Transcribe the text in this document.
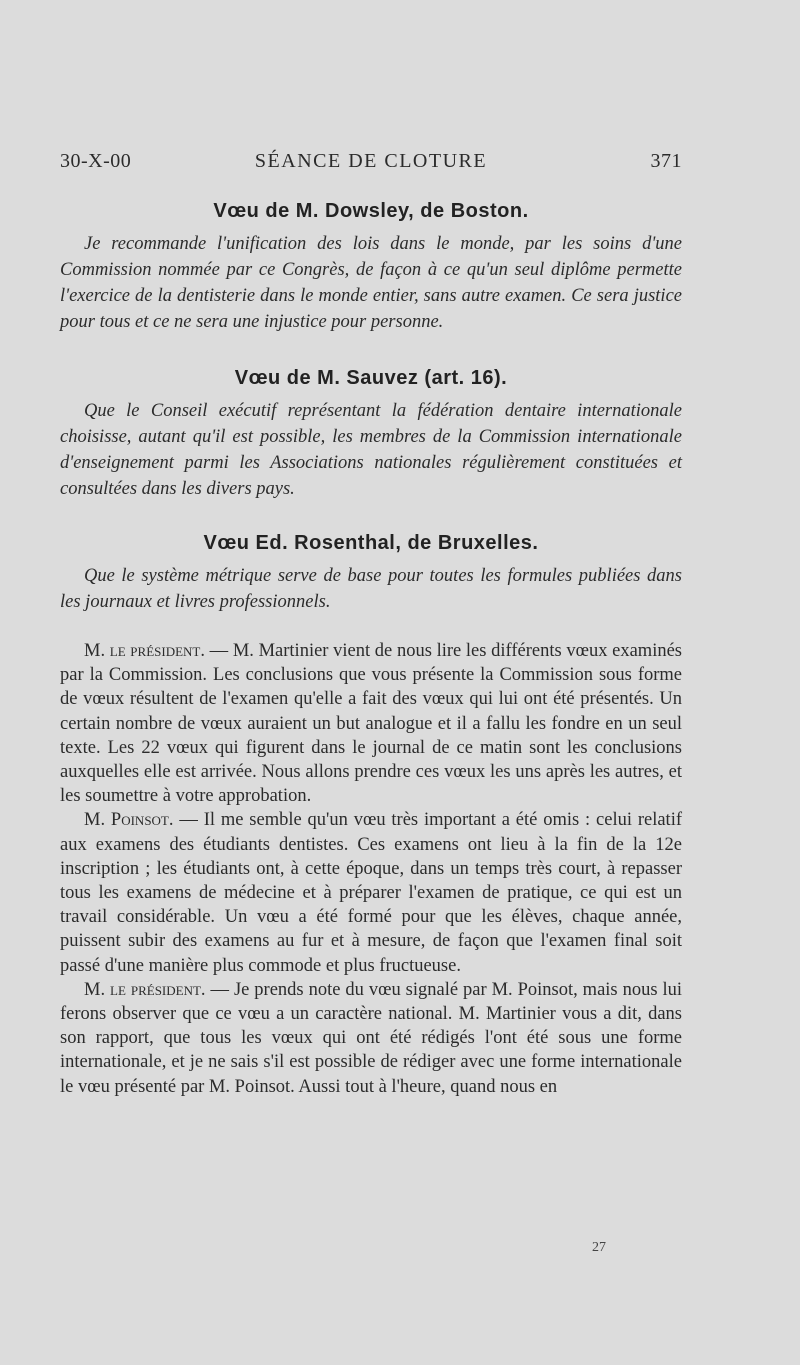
30-X-00	SÉANCE DE CLOTURE	371
Vœu de M. Dowsley, de Boston.

Je recommande l'unification des lois dans le monde, par les soins d'une Commission nommée par ce Congrès, de façon à ce qu'un seul diplôme permette l'exercice de la dentisterie dans le monde entier, sans autre examen. Ce sera justice pour tous et ce ne sera une injustice pour personne.

Vœu de M. Sauvez (art. 16).

Que le Conseil exécutif représentant la fédération dentaire internationale choisisse, autant qu'il est possible, les membres de la Commission internationale d'enseignement parmi les Associations nationales régulièrement constituées et consultées dans les divers pays.

Vœu Ed. Rosenthal, de Bruxelles.

Que le système métrique serve de base pour toutes les formules publiées dans les journaux et livres professionnels.

M. le président. — M. Martinier vient de nous lire les différents vœux examinés par la Commission. Les conclusions que vous présente la Commission sous forme de vœux résultent de l'examen qu'elle a fait des vœux qui lui ont été présentés. Un certain nombre de vœux auraient un but analogue et il a fallu les fondre en un seul texte. Les 22 vœux qui figurent dans le journal de ce matin sont les conclusions auxquelles elle est arrivée. Nous allons prendre ces vœux les uns après les autres, et les soumettre à votre approbation.

M. Poinsot. — Il me semble qu'un vœu très important a été omis : celui relatif aux examens des étudiants dentistes. Ces examens ont lieu à la fin de la 12e inscription ; les étudiants ont, à cette époque, dans un temps très court, à repasser tous les examens de médecine et à préparer l'examen de pratique, ce qui est un travail considérable. Un vœu a été formé pour que les élèves, chaque année, puissent subir des examens au fur et à mesure, de façon que l'examen final soit passé d'une manière plus commode et plus fructueuse.

M. le président. — Je prends note du vœu signalé par M. Poinsot, mais nous lui ferons observer que ce vœu a un caractère national. M. Martinier vous a dit, dans son rapport, que tous les vœux qui ont été rédigés l'ont été sous une forme internationale, et je ne sais s'il est possible de rédiger avec une forme internationale le vœu présenté par M. Poinsot. Aussi tout à l'heure, quand nous en

27
